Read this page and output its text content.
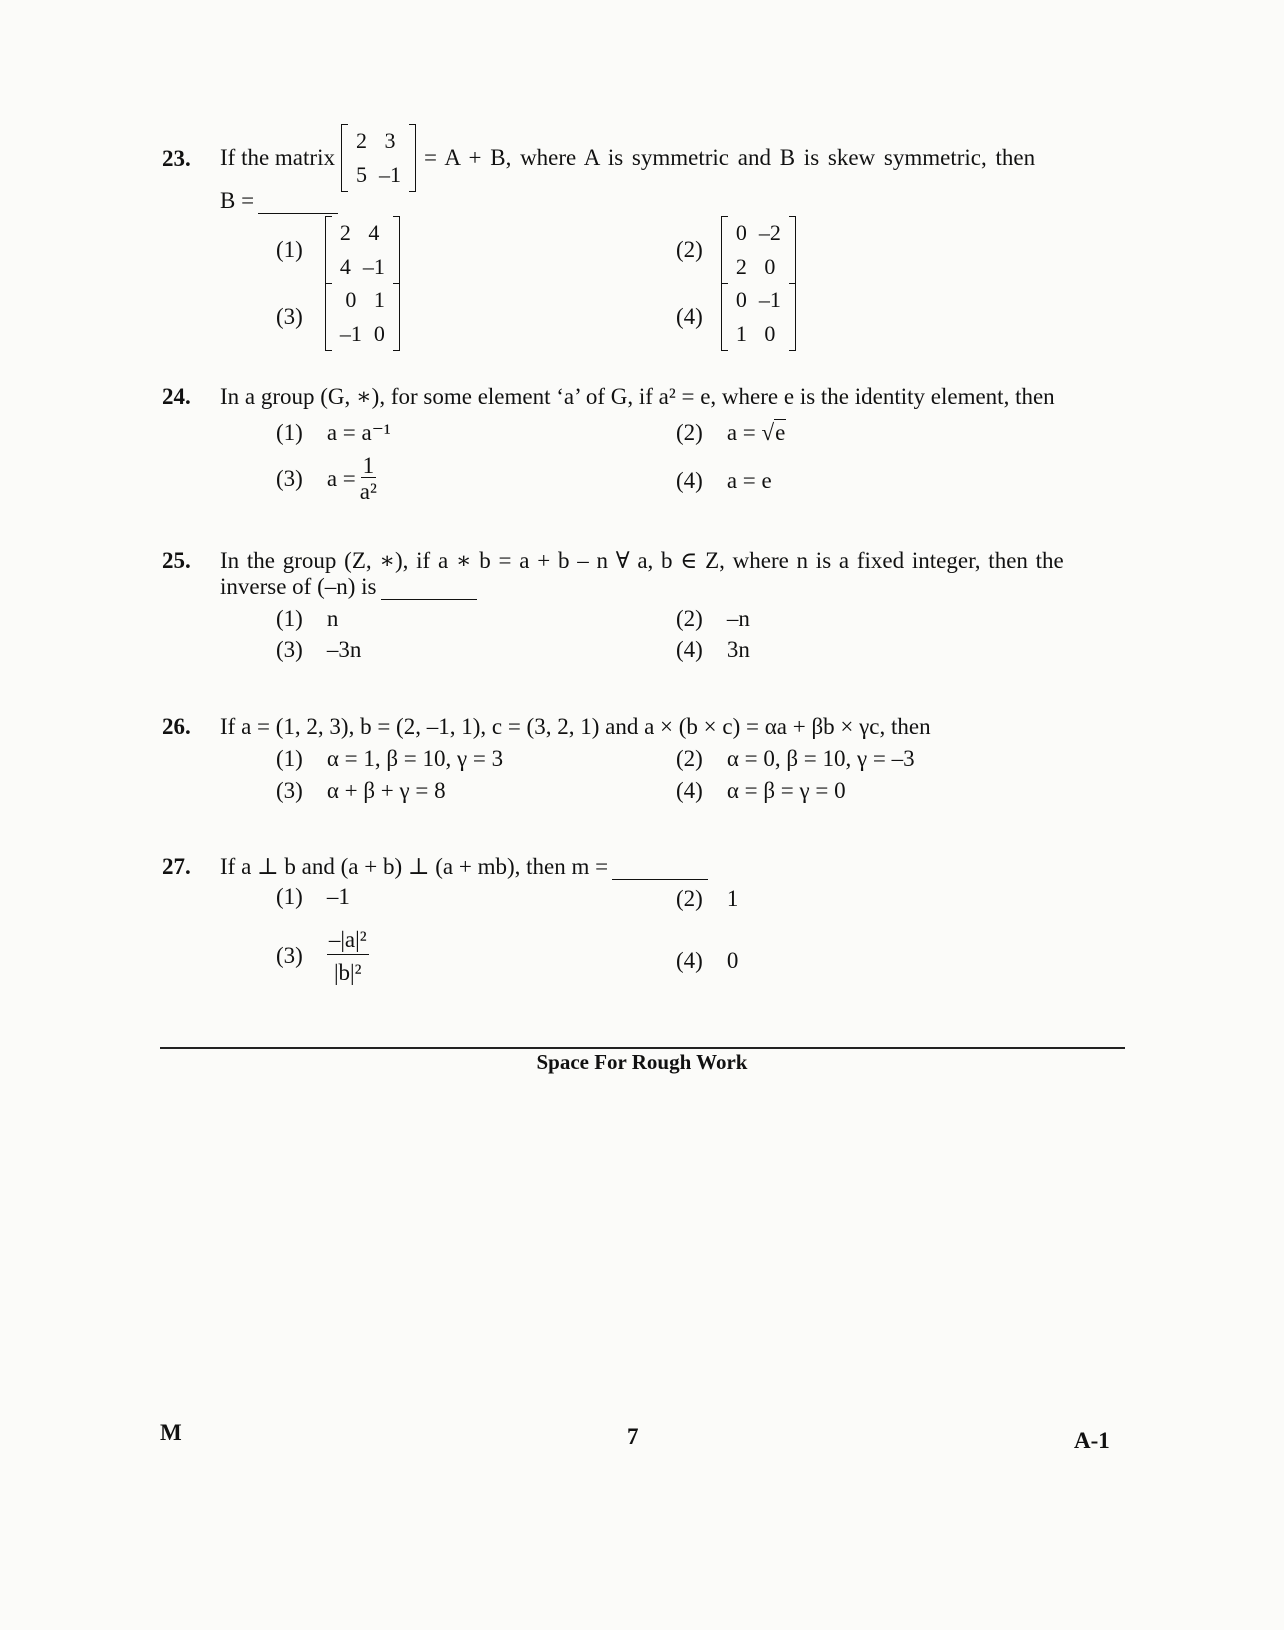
23. If the matrix
2	3
5	–1
= A + B, where A is symmetric and B is skew symmetric, then
B =
(1)
2	4
4	–1
(2)
0	–2
2	0
(3)
0	1
–1	0
(4)
0	–1
1	0
24. In a group (G, ∗), for some element ‘a’ of G, if a² = e, where e is the identity element, then
(1) a = a⁻¹	(2) a = √e
(3) $a = \frac{1}{\text{a²}}$	(4) a = e
25. In the group (Z, ∗), if a ∗ b = a + b – n ∀ a, b ∈ Z, where n is a fixed integer, then the
inverse of (–n) is
(1) n	(2) –n
(3) –3n	(4) 3n
26. If a = (1, 2, 3), b = (2, –1, 1), c = (3, 2, 1) and a × (b × c) = αa + βb × γc, then
(1) α = 1, β = 10, γ = 3	(2) α = 0, β = 10, γ = –3
(3) α + β + γ = 8	(4) α = β = γ = 0
27. If a ⊥ b and (a + b) ⊥ (a + mb), then m =
(1) –1	(2) 1
$(3) \frac{\text{–|a|²}}{\text{|b|²}}$	(4) 0
Space For Rough Work
M	7	A-1
